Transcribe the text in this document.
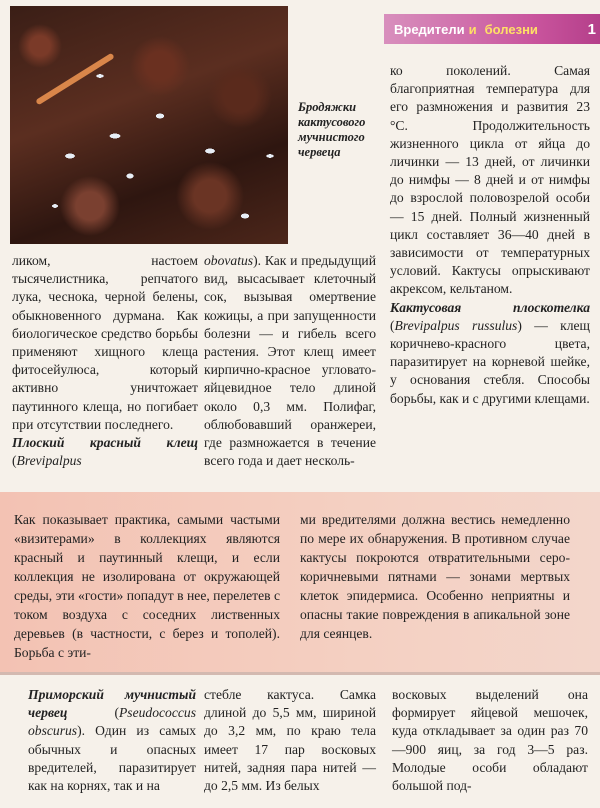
Бродяжки кактусового мучнистого червеца
Вредители и болезни	1

ко поколений. Самая благоприятная температура для его размножения и развития 23 °С. Продолжительность жизненного цикла от яйца до личинки — 13 дней, от личинки до нимфы — 8 дней и от нимфы до взрослой половозрелой особи — 15 дней. Полный жизненный цикл составляет 36—40 дней в зависимости от температурных условий. Кактусы опрыскивают акрексом, кельтаном.

Кактусовая плоскотелка (Brevipalpus russulus) — клещ коричнево-красного цвета, паразитирует на корневой шейке, у основания стебля. Способы борьбы, как и с другими клещами.

ликом, настоем тысячелистника, репчатого лука, чеснока, черной белены, обыкновенного дурмана. Как биологическое средство борьбы применяют хищного клеща фитосейулюса, который активно уничтожает паутинного клеща, но погибает при отсутствии последнего.

Плоский красный клещ (Brevipalpus

obovatus). Как и предыдущий вид, высасывает клеточный сок, вызывая омертвение кожицы, а при запущенности болезни — и гибель всего растения. Этот клещ имеет кирпично-красное угловато-яйцевидное тело длиной около 0,3 мм. Полифаг, облюбовавший оранжереи, где размножается в течение всего года и дает несколь-

Как показывает практика, самыми частыми «визитерами» в коллекциях являются красный и паутинный клещи, и если коллекция не изолирована от окружающей среды, эти «гости» попадут в нее, перелетев с током воздуха с соседних лиственных деревьев (в частности, с берез и тополей). Борьба с эти-
ми вредителями должна вестись немедленно по мере их обнаружения. В противном случае кактусы покроются отвратительными серо-коричневыми пятнами — зонами мертвых клеток эпидермиса. Особенно неприятны и опасны такие повреждения в апикальной зоне для сеянцев.

Приморский мучнистый червец (Pseudococcus obscurus). Один из самых обычных и опасных вредителей, паразитирует как на корнях, так и на

стебле кактуса. Самка длиной до 5,5 мм, шириной до 3,2 мм, по краю тела имеет 17 пар восковых нитей, задняя пара нитей — до 2,5 мм. Из белых
восковых выделений она формирует яйцевой мешочек, куда откладывает за один раз 70—900 яиц, за год 3—5 раз. Молодые особи обладают большой под-
